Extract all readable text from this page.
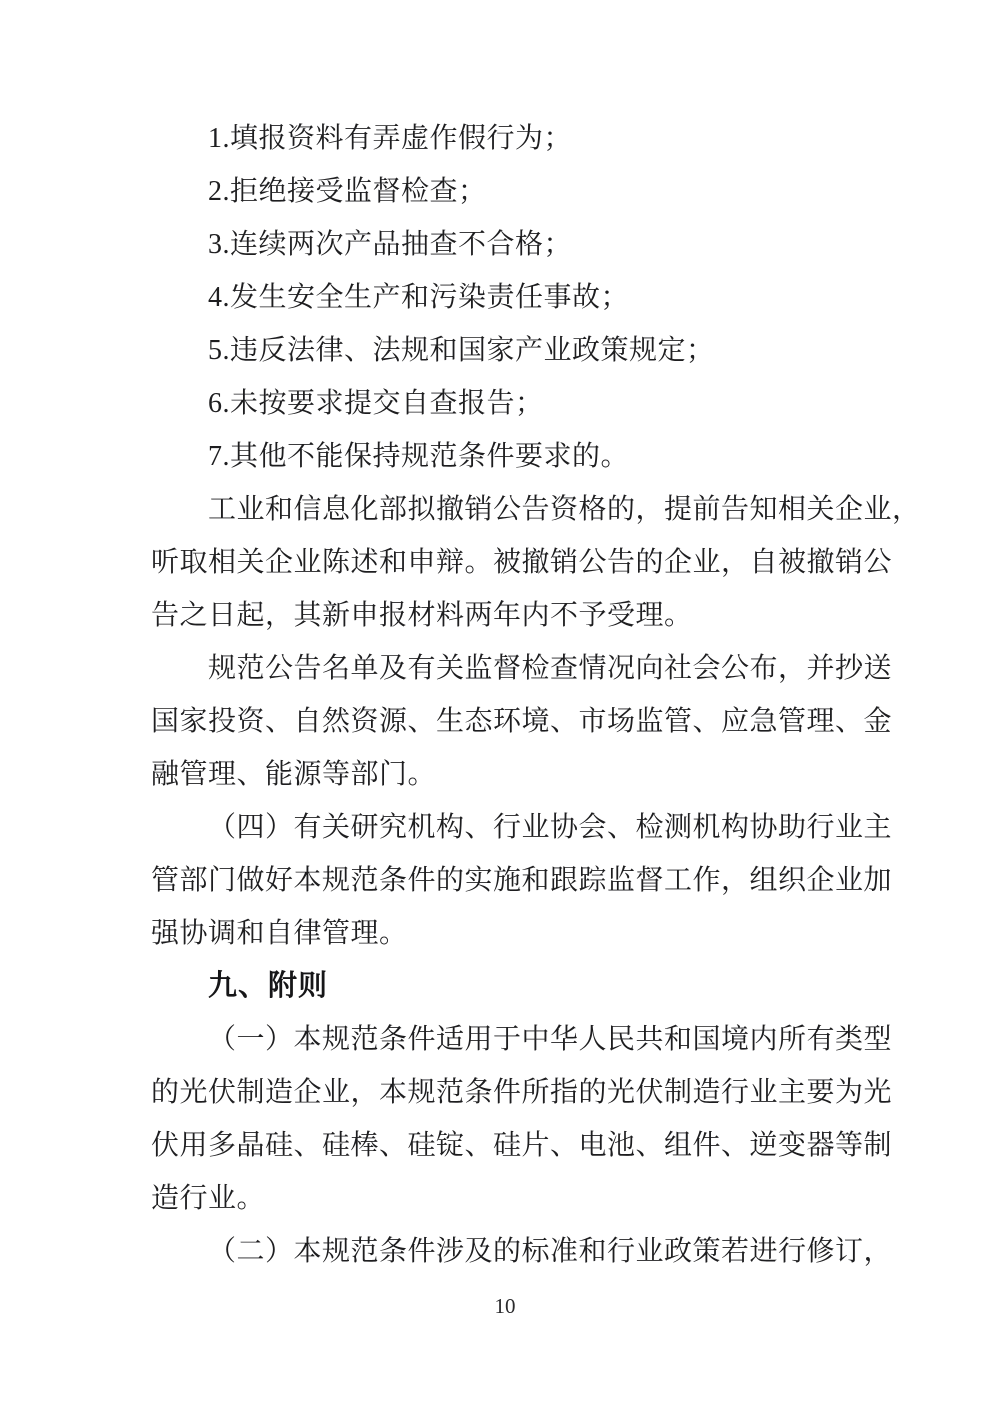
1.填报资料有弄虚作假行为；
2.拒绝接受监督检查；
3.连续两次产品抽查不合格；
4.发生安全生产和污染责任事故；
5.违反法律、法规和国家产业政策规定；
6.未按要求提交自查报告；
7.其他不能保持规范条件要求的。
工业和信息化部拟撤销公告资格的，提前告知相关企业，
听取相关企业陈述和申辩。被撤销公告的企业，自被撤销公
告之日起，其新申报材料两年内不予受理。
规范公告名单及有关监督检查情况向社会公布，并抄送
国家投资、自然资源、生态环境、市场监管、应急管理、金
融管理、能源等部门。
（四）有关研究机构、行业协会、检测机构协助行业主
管部门做好本规范条件的实施和跟踪监督工作，组织企业加
强协调和自律管理。
九、附则
（一）本规范条件适用于中华人民共和国境内所有类型
的光伏制造企业，本规范条件所指的光伏制造行业主要为光
伏用多晶硅、硅棒、硅锭、硅片、电池、组件、逆变器等制
造行业。
（二）本规范条件涉及的标准和行业政策若进行修订，
10
